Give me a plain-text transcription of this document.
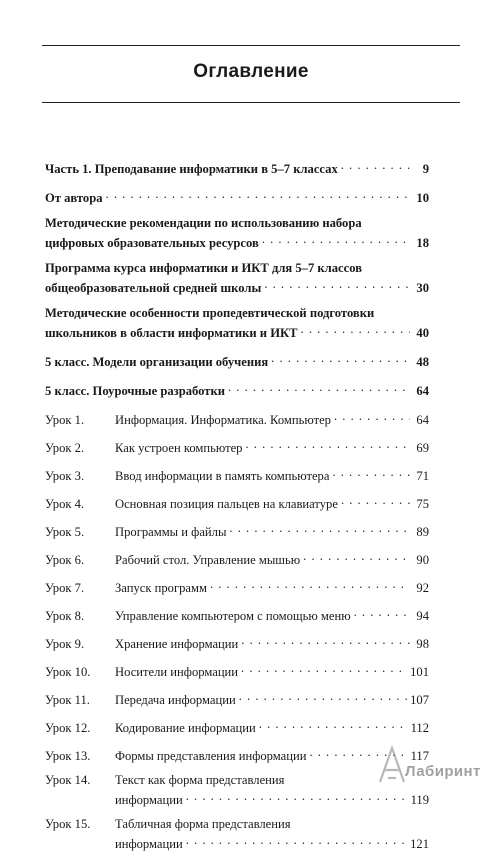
Оглавление
Часть 1. Преподавание информатики в 5–7 классах . . .	9
От автора . . .	10
Методические рекомендации по использованию набора
цифровых образовательных ресурсов . . .	18
Программа курса информатики и ИКТ для 5–7 классов
общеобразовательной средней школы . . .	30
Методические особенности пропедевтической подготовки
школьников в области информатики и ИКТ . . .	40
5 класс. Модели организации обучения . . .	48
5 класс. Поурочные разработки . . .	64
Урок 1.	Информация. Информатика. Компьютер . . .	64
Урок 2.	Как устроен компьютер . . .	69
Урок 3.	Ввод информации в память компьютера . . .	71
Урок 4.	Основная позиция пальцев на клавиатуре . . .	75
Урок 5.	Программы и файлы . . .	89
Урок 6.	Рабочий стол. Управление мышью . . .	90
Урок 7.	Запуск программ . . .	92
Урок 8.	Управление компьютером с помощью меню . . .	94
Урок 9.	Хранение информации . . .	98
Урок 10.	Носители информации . . .	101
Урок 11.	Передача информации . . .	107
Урок 12.	Кодирование информации . . .	112
Урок 13.	Формы представления информации . . .	117
Урок 14. Текст как форма представления
информации . . .	119
Урок 15. Табличная форма представления
информации . . .	121
Лабиринт
